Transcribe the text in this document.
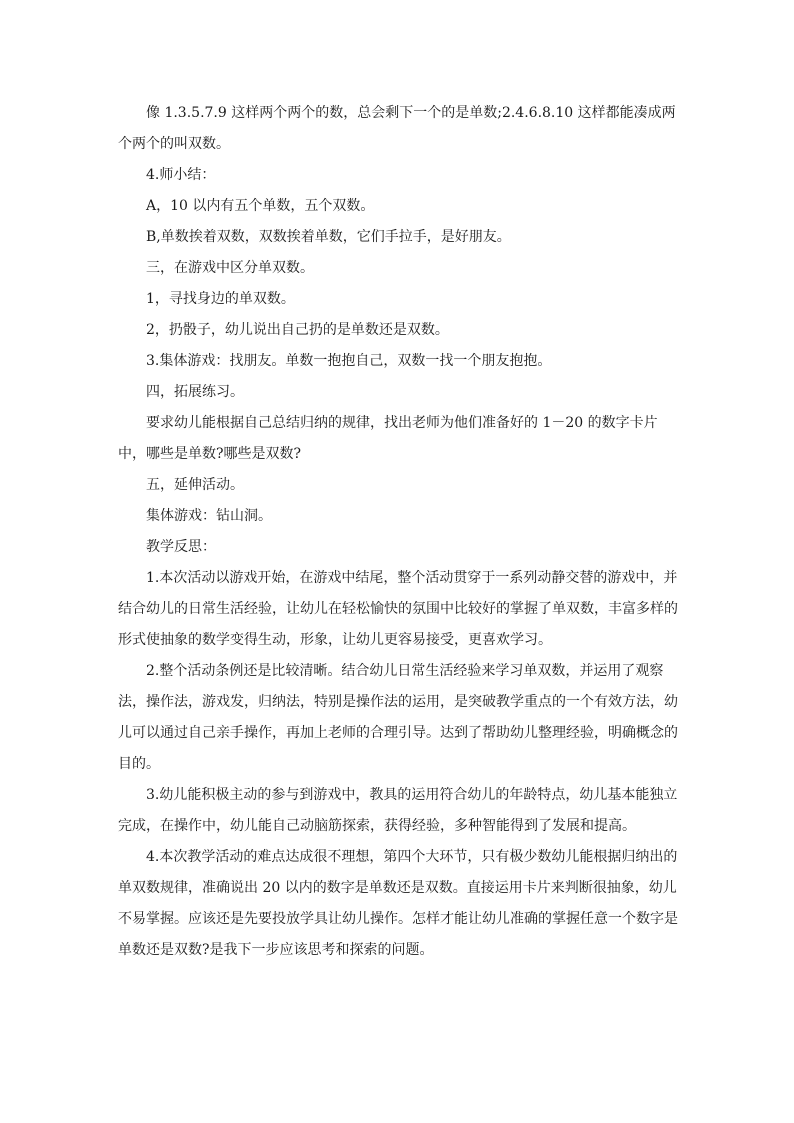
像 1.3.5.7.9 这样两个两个的数，总会剩下一个的是单数;2.4.6.8.10 这样都能凑成两个两个的叫双数。

4.师小结：

A，10 以内有五个单数，五个双数。

B,单数挨着双数，双数挨着单数，它们手拉手，是好朋友。

三，在游戏中区分单双数。

1，寻找身边的单双数。

2，扔骰子，幼儿说出自己扔的是单数还是双数。

3.集体游戏：找朋友。单数一抱抱自己，双数一找一个朋友抱抱。

四，拓展练习。

要求幼儿能根据自己总结归纳的规律，找出老师为他们准备好的 1－20 的数字卡片中，哪些是单数?哪些是双数?

五，延伸活动。

集体游戏：钻山洞。

教学反思：

1.本次活动以游戏开始，在游戏中结尾，整个活动贯穿于一系列动静交替的游戏中，并结合幼儿的日常生活经验，让幼儿在轻松愉快的氛围中比较好的掌握了单双数，丰富多样的形式使抽象的数学变得生动，形象，让幼儿更容易接受，更喜欢学习。

2.整个活动条例还是比较清晰。结合幼儿日常生活经验来学习单双数，并运用了观察法，操作法，游戏发，归纳法，特别是操作法的运用，是突破教学重点的一个有效方法，幼儿可以通过自己亲手操作，再加上老师的合理引导。达到了帮助幼儿整理经验，明确概念的目的。

3.幼儿能积极主动的参与到游戏中，教具的运用符合幼儿的年龄特点，幼儿基本能独立完成，在操作中，幼儿能自己动脑筋探索，获得经验，多种智能得到了发展和提高。

4.本次教学活动的难点达成很不理想，第四个大环节，只有极少数幼儿能根据归纳出的单双数规律，准确说出 20 以内的数字是单数还是双数。直接运用卡片来判断很抽象，幼儿不易掌握。应该还是先要投放学具让幼儿操作。怎样才能让幼儿准确的掌握任意一个数字是单数还是双数?是我下一步应该思考和探索的问题。
